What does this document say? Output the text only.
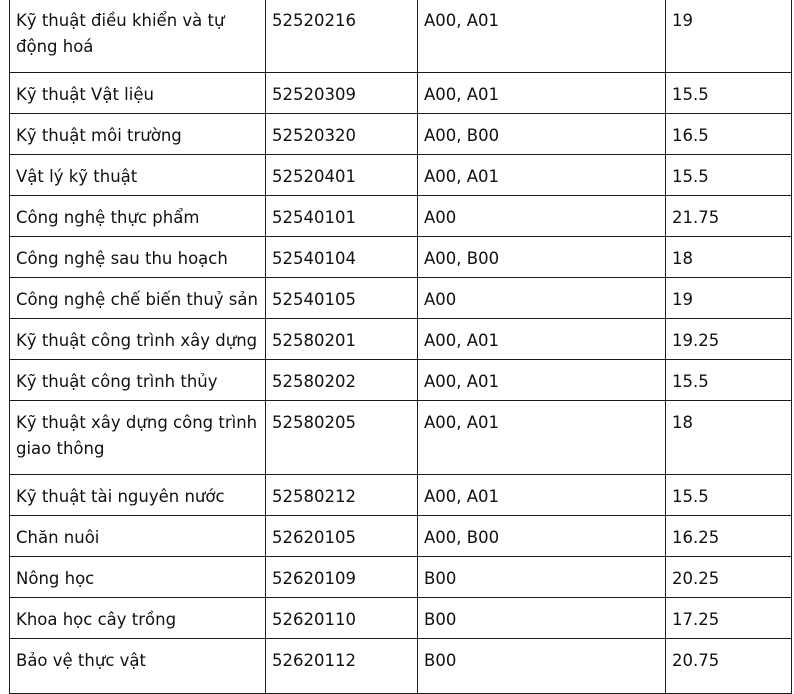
Kỹ thuật điều khiển và tự động hoá	52520216	A00, A01	19
Kỹ thuật Vật liệu	52520309	A00, A01	15.5
Kỹ thuật môi trường	52520320	A00, B00	16.5
Vật lý kỹ thuật	52520401	A00, A01	15.5
Công nghệ thực phẩm	52540101	A00	21.75
Công nghệ sau thu hoạch	52540104	A00, B00	18
Công nghệ chế biến thuỷ sản	52540105	A00	19
Kỹ thuật công trình xây dựng	52580201	A00, A01	19.25
Kỹ thuật công trình thủy	52580202	A00, A01	15.5
Kỹ thuật xây dựng công trình giao thông	52580205	A00, A01	18
Kỹ thuật tài nguyên nước	52580212	A00, A01	15.5
Chăn nuôi	52620105	A00, B00	16.25
Nông học	52620109	B00	20.25
Khoa học cây trồng	52620110	B00	17.25
Bảo vệ thực vật	52620112	B00	20.75
